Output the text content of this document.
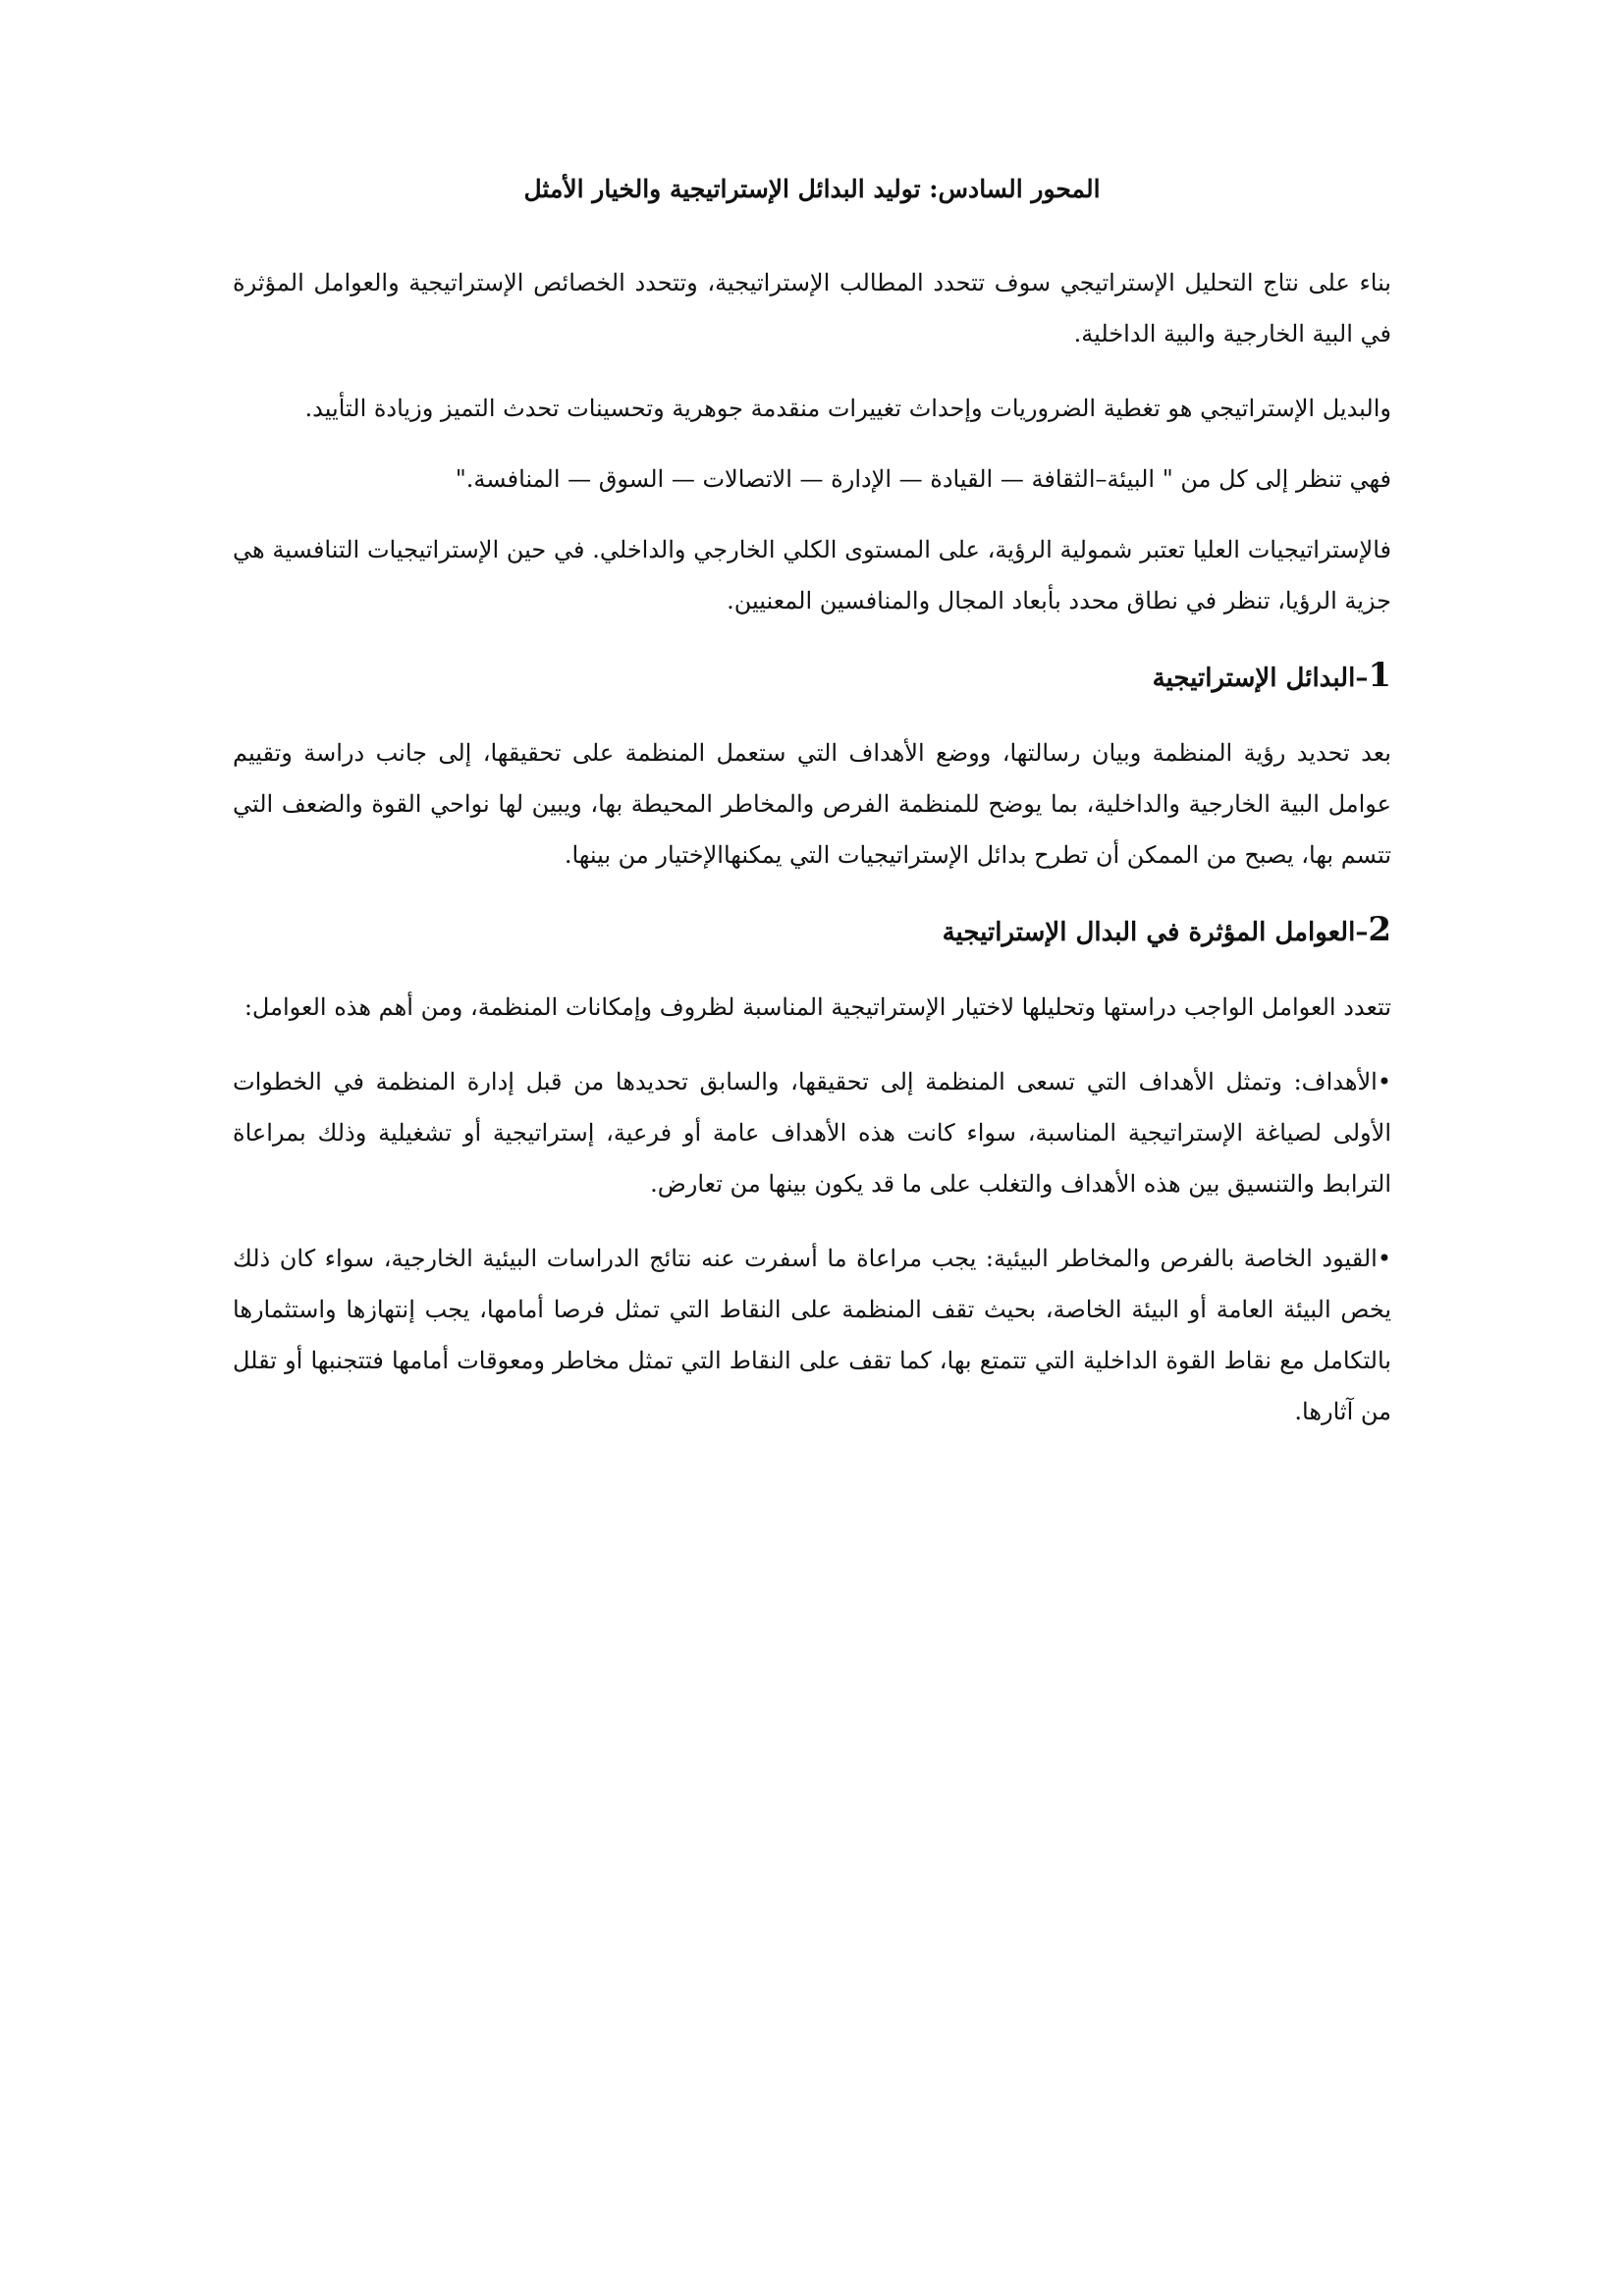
المحور السادس: توليد البدائل الإستراتيجية والخيار الأمثل

بناء على نتاج التحليل الإستراتيجي سوف تتحدد المطالب الإستراتيجية، وتتحدد الخصائص الإستراتيجية والعوامل المؤثرة في البية الخارجية والبية الداخلية.

والبديل الإستراتيجي هو تغطية الضروريات وإحداث تغييرات منقدمة جوهرية وتحسينات تحدث التميز وزيادة التأييد.

فهي تنظر إلى كل من " البيئة–الثقافة — القيادة — الإدارة — الاتصالات — السوق — المنافسة."

فالإستراتيجيات العليا تعتبر شمولية الرؤية، على المستوى الكلي الخارجي والداخلي. في حين الإستراتيجيات التنافسية هي جزية الرؤيا، تنظر في نطاق محدد بأبعاد المجال والمنافسين المعنيين.

1–البدائل الإستراتيجية

بعد تحديد رؤية المنظمة وبيان رسالتها، ووضع الأهداف التي ستعمل المنظمة على تحقيقها، إلى جانب دراسة وتقييم عوامل البية الخارجية والداخلية، بما يوضح للمنظمة الفرص والمخاطر المحيطة بها، ويبين لها نواحي القوة والضعف التي تتسم بها، يصبح من الممكن أن تطرح بدائل الإستراتيجيات التي يمكنهاالإختيار من بينها.

2–العوامل المؤثرة في البدال الإستراتيجية

تتعدد العوامل الواجب دراستها وتحليلها لاختيار الإستراتيجية المناسبة لظروف وإمكانات المنظمة، ومن أهم هذه العوامل:

•الأهداف: وتمثل الأهداف التي تسعى المنظمة إلى تحقيقها، والسابق تحديدها من قبل إدارة المنظمة في الخطوات الأولى لصياغة الإستراتيجية المناسبة، سواء كانت هذه الأهداف عامة أو فرعية، إستراتيجية أو تشغيلية وذلك بمراعاة الترابط والتنسيق بين هذه الأهداف والتغلب على ما قد يكون بينها من تعارض.

•القيود الخاصة بالفرص والمخاطر البيئية: يجب مراعاة ما أسفرت عنه نتائج الدراسات البيئية الخارجية، سواء كان ذلك يخص البيئة العامة أو البيئة الخاصة، بحيث تقف المنظمة على النقاط التي تمثل فرصا أمامها، يجب إنتهازها واستثمارها بالتكامل مع نقاط القوة الداخلية التي تتمتع بها، كما تقف على النقاط التي تمثل مخاطر ومعوقات أمامها فتتجنبها أو تقلل من آثارها.
